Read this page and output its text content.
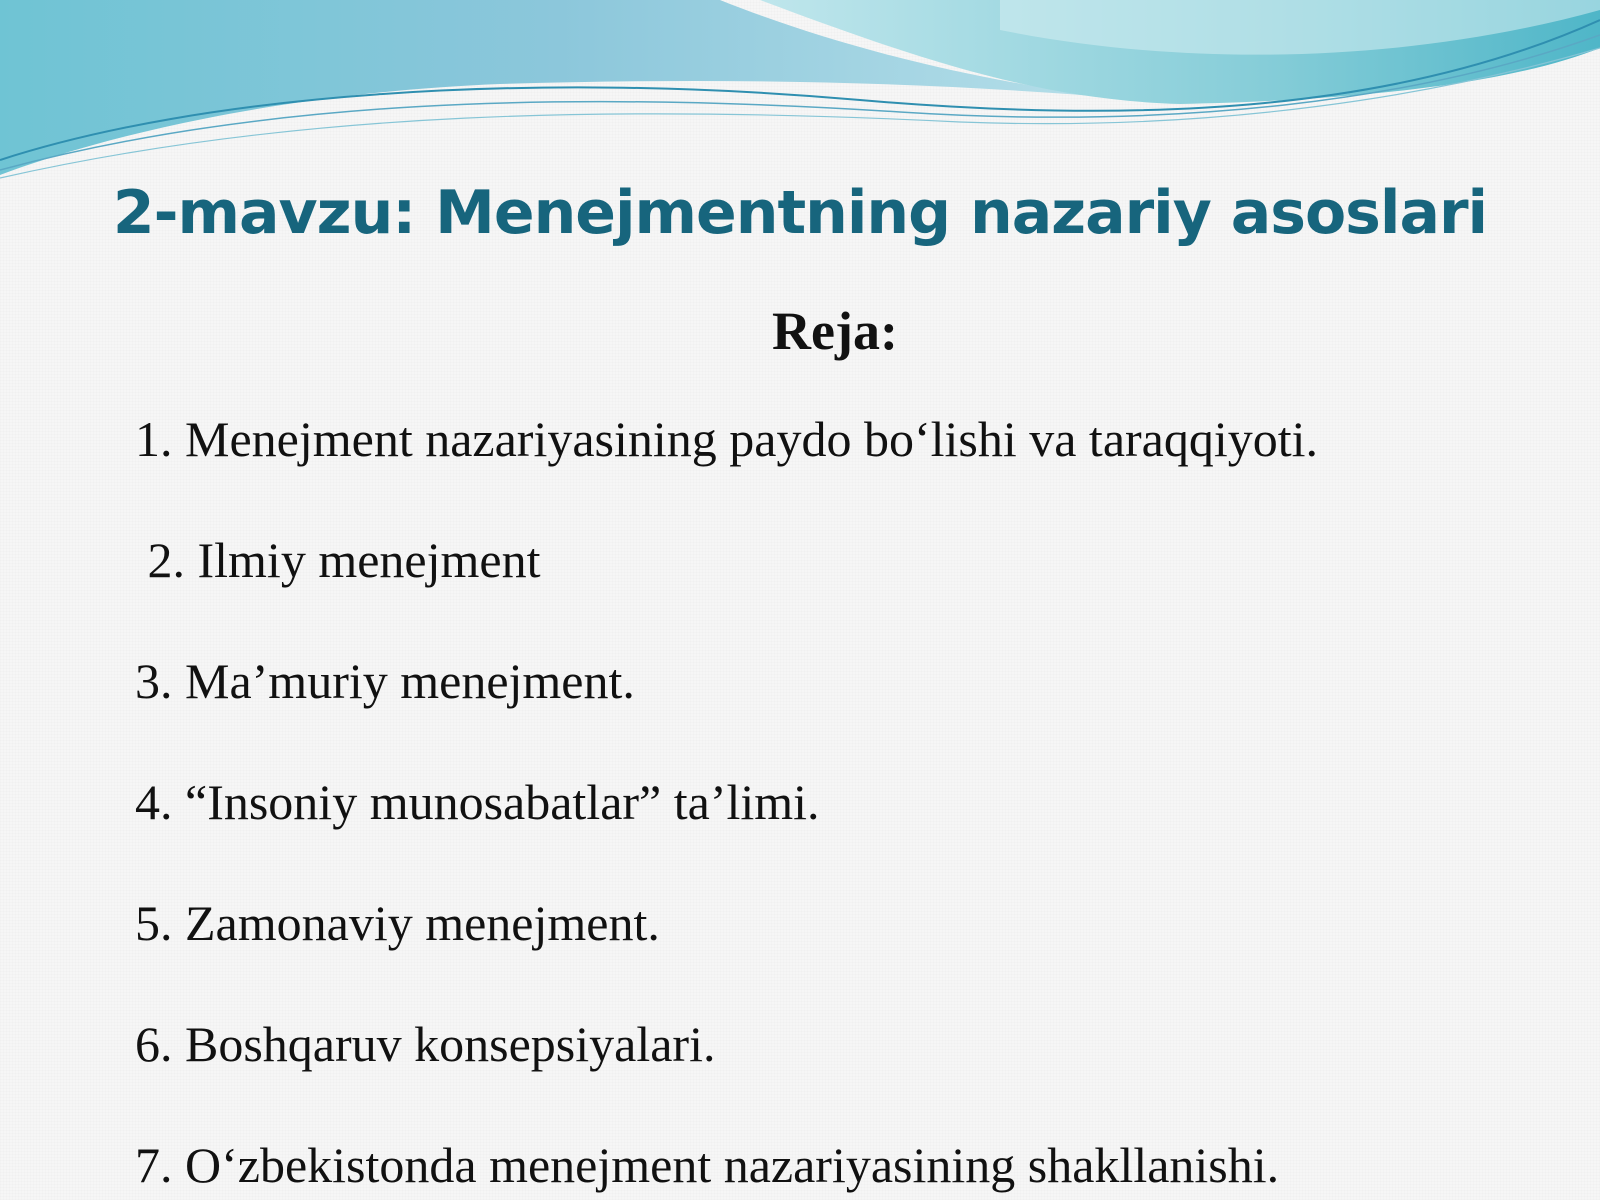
2-mavzu: Menejmentning nazariy asoslari
Reja:
1. Menejment nazariyasining paydo bo‘lishi va taraqqiyoti.
2. Ilmiy menejment
3. Ma’muriy menejment.
4. “Insoniy munosabatlar” ta’limi.
5. Zamonaviy menejment.
6. Boshqaruv konsepsiyalari.
7. O‘zbekistonda menejment nazariyasining shakllanishi.
